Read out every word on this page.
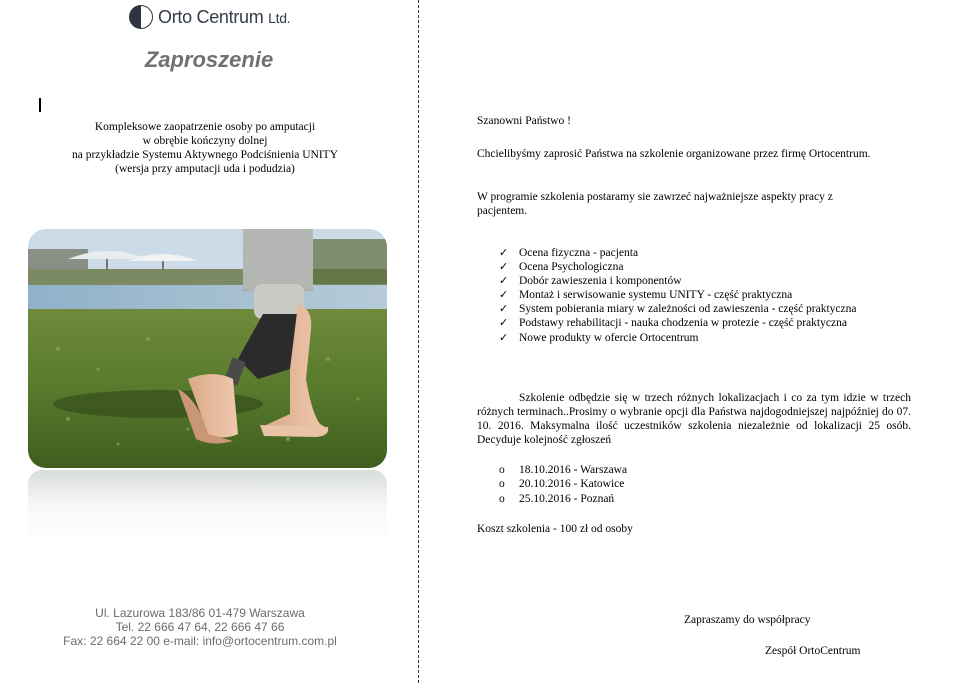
Orto Centrum Ltd.
Zaproszenie
Kompleksowe zaopatrzenie osoby po amputacji
w obrębie kończyny dolnej
na przykładzie Systemu Aktywnego Podciśnienia UNITY
(wersja przy amputacji uda i podudzia)
Ul. Lazurowa 183/86 01-479 Warszawa
Tel. 22 666 47 64, 22 666 47 66
Fax: 22 664 22 00 e-mail: info@ortocentrum.com.pl
Szanowni Państwo !
Chcielibyśmy zaprosić Państwa na szkolenie organizowane przez firmę Ortocentrum.
W programie szkolenia postaramy sie zawrzeć najważniejsze aspekty pracy z pacjentem.
✓ Ocena fizyczna - pacjenta
✓ Ocena Psychologiczna
✓ Dobór zawieszenia i komponentów
✓ Montaż i serwisowanie systemu UNITY - część praktyczna
✓ System pobierania miary w zależności od zawieszenia - część praktyczna
✓ Podstawy rehabilitacji - nauka chodzenia w protezie - część praktyczna
✓ Nowe produkty w ofercie Ortocentrum
Szkolenie odbędzie się w trzech różnych lokalizacjach i co za tym idzie w trzech różnych terminach..Prosimy o wybranie opcji dla Państwa najdogodniejszej najpóźniej do 07. 10. 2016. Maksymalna ilość uczestników szkolenia niezależnie od lokalizacji 25 osób. Decyduje kolejność zgłoszeń
o 18.10.2016 - Warszawa
o 20.10.2016 - Katowice
o 25.10.2016 - Poznań
Koszt szkolenia - 100 zł od osoby
Zapraszamy do współpracy
Zespół OrtoCentrum
